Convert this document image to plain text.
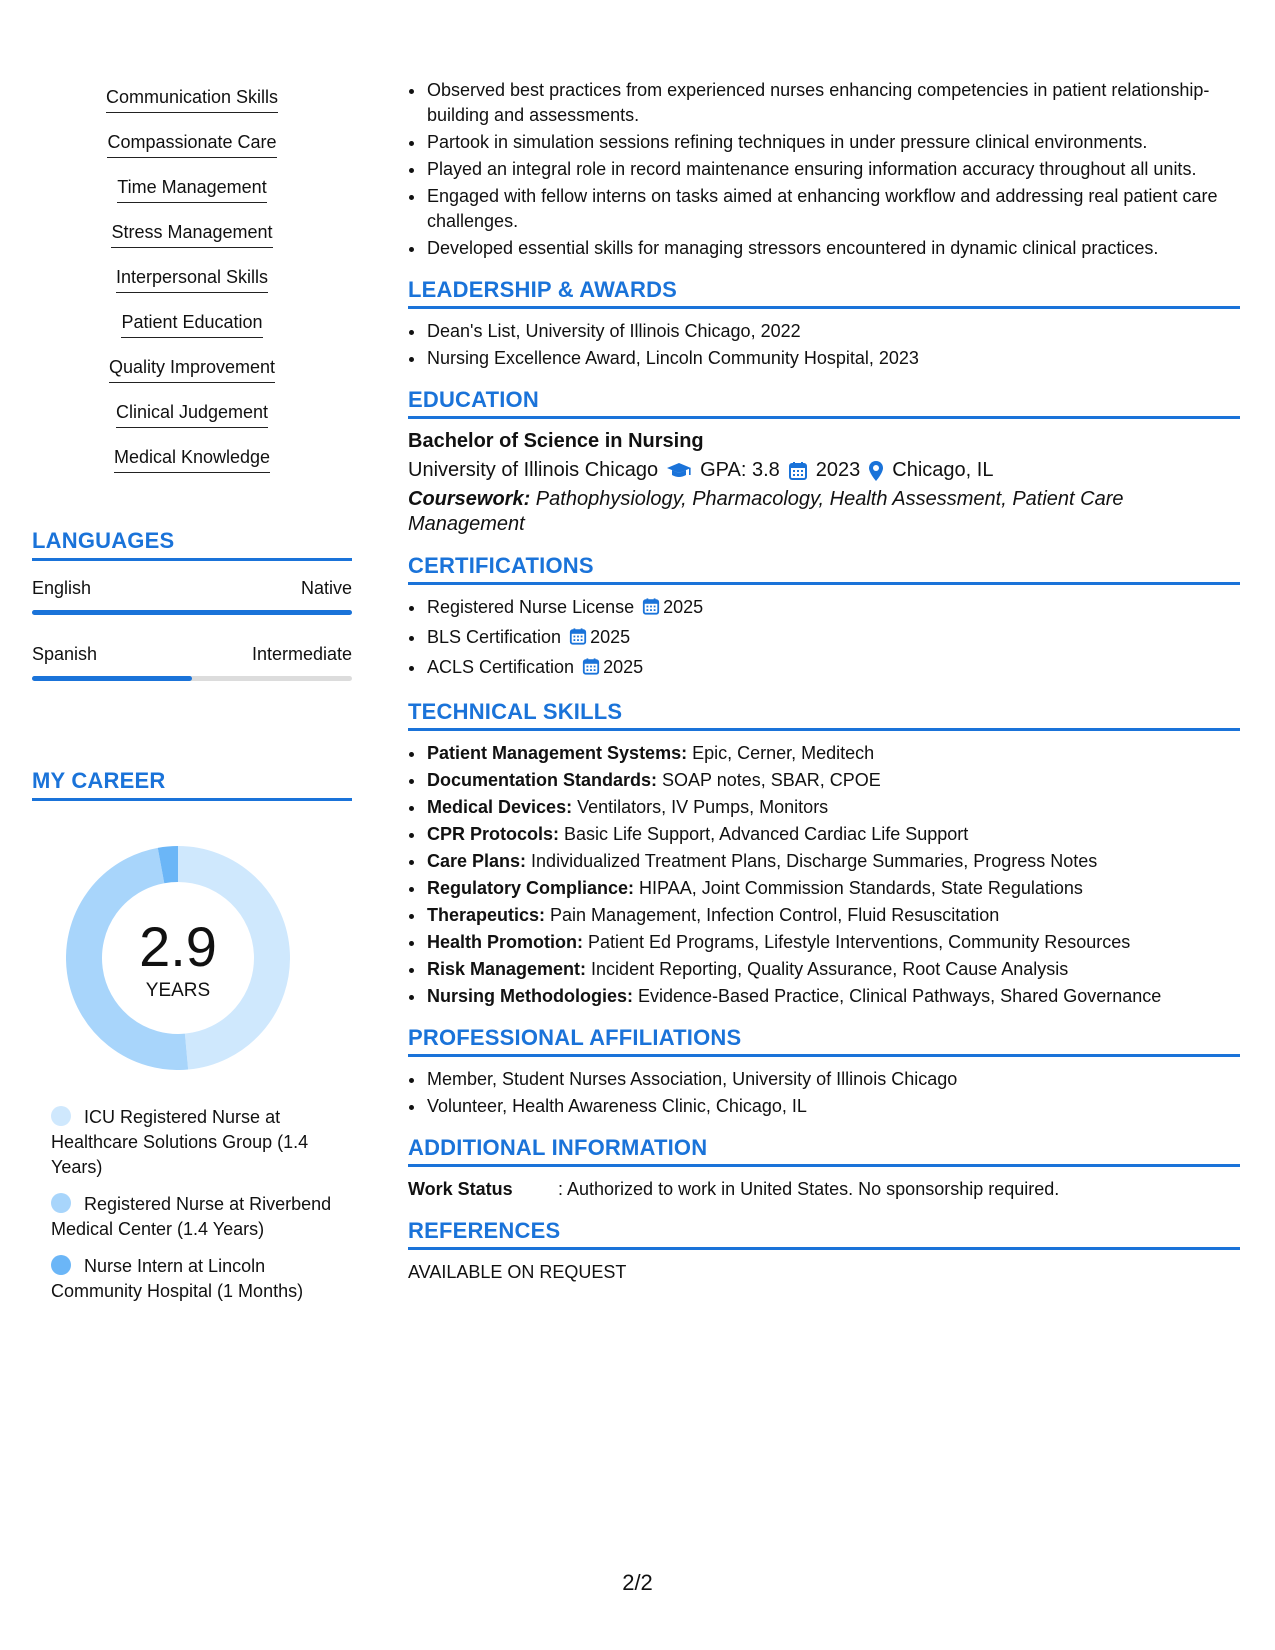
Communication Skills
Compassionate Care
Time Management
Stress Management
Interpersonal Skills
Patient Education
Quality Improvement
Clinical Judgement
Medical Knowledge
LANGUAGES
English	Native
Spanish	Intermediate
MY CAREER
2.9
YEARS
ICU Registered Nurse at Healthcare Solutions Group (1.4 Years)
Registered Nurse at Riverbend Medical Center (1.4 Years)
Nurse Intern at Lincoln Community Hospital (1 Months)
• Observed best practices from experienced nurses enhancing competencies in patient relationship-building and assessments.
• Partook in simulation sessions refining techniques in under pressure clinical environments.
• Played an integral role in record maintenance ensuring information accuracy throughout all units.
• Engaged with fellow interns on tasks aimed at enhancing workflow and addressing real patient care challenges.
• Developed essential skills for managing stressors encountered in dynamic clinical practices.
LEADERSHIP & AWARDS
• Dean's List, University of Illinois Chicago, 2022
• Nursing Excellence Award, Lincoln Community Hospital, 2023
EDUCATION
Bachelor of Science in Nursing
University of Illinois Chicago GPA: 3.8 2023 Chicago, IL
Coursework: Pathophysiology, Pharmacology, Health Assessment, Patient Care Management
CERTIFICATIONS
• Registered Nurse License 2025
• BLS Certification 2025
• ACLS Certification 2025
TECHNICAL SKILLS
• Patient Management Systems: Epic, Cerner, Meditech
• Documentation Standards: SOAP notes, SBAR, CPOE
• Medical Devices: Ventilators, IV Pumps, Monitors
• CPR Protocols: Basic Life Support, Advanced Cardiac Life Support
• Care Plans: Individualized Treatment Plans, Discharge Summaries, Progress Notes
• Regulatory Compliance: HIPAA, Joint Commission Standards, State Regulations
• Therapeutics: Pain Management, Infection Control, Fluid Resuscitation
• Health Promotion: Patient Ed Programs, Lifestyle Interventions, Community Resources
• Risk Management: Incident Reporting, Quality Assurance, Root Cause Analysis
• Nursing Methodologies: Evidence-Based Practice, Clinical Pathways, Shared Governance
PROFESSIONAL AFFILIATIONS
• Member, Student Nurses Association, University of Illinois Chicago
• Volunteer, Health Awareness Clinic, Chicago, IL
ADDITIONAL INFORMATION
Work Status	: Authorized to work in United States. No sponsorship required.
REFERENCES
AVAILABLE ON REQUEST
2/2
